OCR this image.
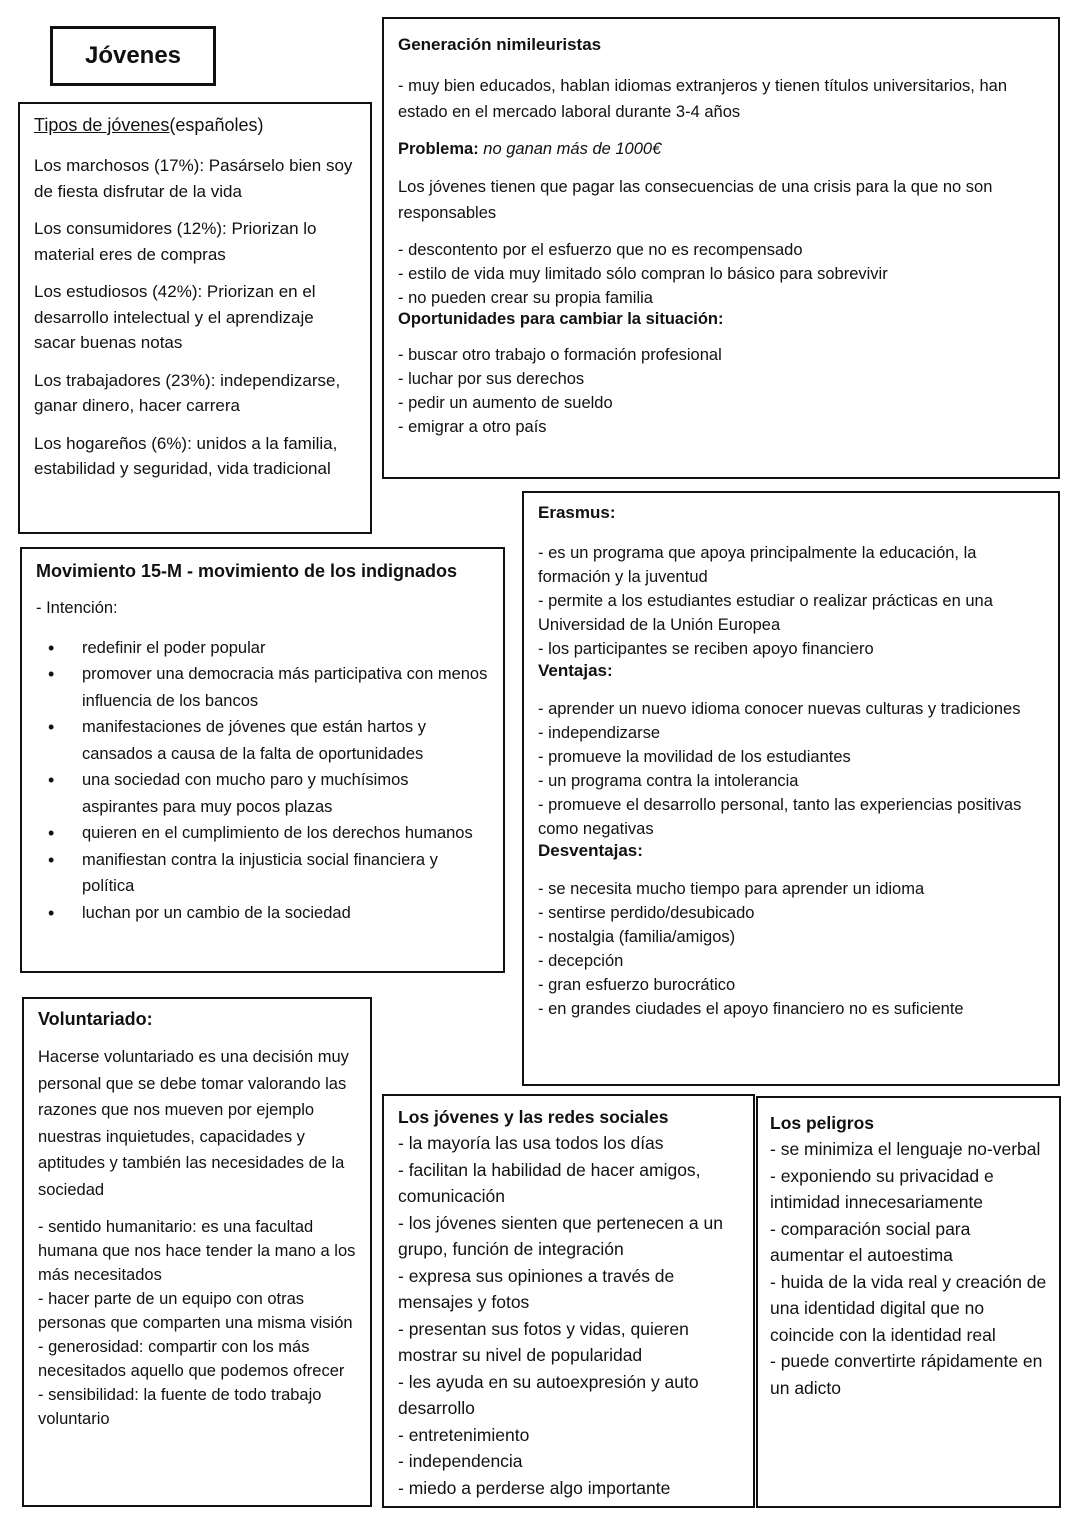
Jóvenes

Tipos de jóvenes(españoles)

Los marchosos (17%): Pasárselo bien soy de fiesta disfrutar de la vida

Los consumidores (12%): Priorizan lo material eres de compras

Los estudiosos (42%): Priorizan en el desarrollo intelectual y el aprendizaje sacar buenas notas

Los trabajadores (23%): independizarse, ganar dinero, hacer carrera

Los hogareños (6%): unidos a la familia, estabilidad y seguridad, vida tradicional

Generación nimileuristas

- muy bien educados, hablan idiomas extranjeros y tienen títulos universitarios, han estado en el mercado laboral durante 3-4 años

Problema: no ganan más de 1000€

Los jóvenes tienen que pagar las consecuencias de una crisis para la que no son responsables

- descontento por el esfuerzo que no es recompensado
- estilo de vida muy limitado sólo compran lo básico para sobrevivir
- no pueden crear su propia familia

Oportunidades para cambiar la situación:

- buscar otro trabajo o formación profesional
- luchar por sus derechos
- pedir un aumento de sueldo
- emigrar a otro país

Movimiento 15-M - movimiento de los indignados

- Intención:

• redefinir el poder popular
• promover una democracia más participativa con menos influencia de los bancos
• manifestaciones de jóvenes que están hartos y cansados a causa de la falta de oportunidades
• una sociedad con mucho paro y muchísimos aspirantes para muy pocos plazas
• quieren en el cumplimiento de los derechos humanos
• manifiestan contra la injusticia social financiera y política
• luchan por un cambio de la sociedad

Erasmus:

- es un programa que apoya principalmente la educación, la formación y la juventud
- permite a los estudiantes estudiar o realizar prácticas en una Universidad de la Unión Europea
- los participantes se reciben apoyo financiero

Ventajas:

- aprender un nuevo idioma conocer nuevas culturas y tradiciones
- independizarse
- promueve la movilidad de los estudiantes
- un programa contra la intolerancia
- promueve el desarrollo personal, tanto las experiencias positivas como negativas

Desventajas:

- se necesita mucho tiempo para aprender un idioma
- sentirse perdido/desubicado
- nostalgia (familia/amigos)
- decepción
- gran esfuerzo burocrático
- en grandes ciudades el apoyo financiero no es suficiente

Voluntariado:

Hacerse voluntariado es una decisión muy personal que se debe tomar valorando las razones que nos mueven por ejemplo nuestras inquietudes, capacidades y aptitudes y también las necesidades de la sociedad

- sentido humanitario: es una facultad humana que nos hace tender la mano a los más necesitados
- hacer parte de un equipo con otras personas que comparten una misma visión
- generosidad: compartir con los más necesitados aquello que podemos ofrecer
- sensibilidad: la fuente de todo trabajo voluntario

Los jóvenes y las redes sociales

- la mayoría las usa todos los días
- facilitan la habilidad de hacer amigos, comunicación
- los jóvenes sienten que pertenecen a un grupo, función de integración
- expresa sus opiniones a través de mensajes y fotos
- presentan sus fotos y vidas, quieren mostrar su nivel de popularidad
- les ayuda en su autoexpresión y auto desarrollo
- entretenimiento
- independencia
- miedo a perderse algo importante

Los peligros

- se minimiza el lenguaje no-verbal
- exponiendo su privacidad e intimidad innecesariamente
- comparación social para aumentar el autoestima
- huida de la vida real y creación de una identidad digital que no coincide con la identidad real
- puede convertirte rápidamente en un adicto
